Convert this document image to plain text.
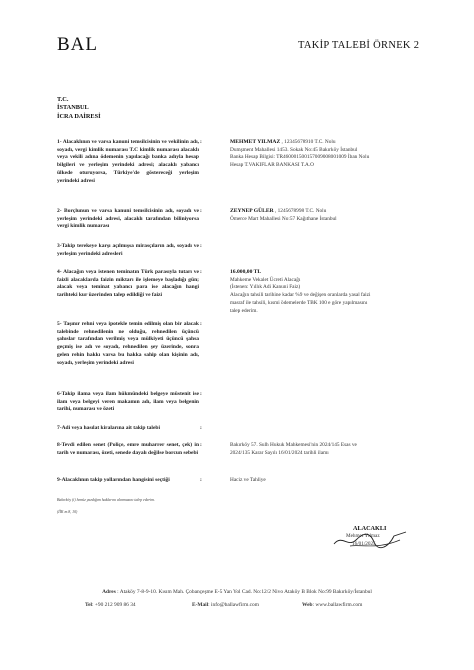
BAL	TAKİP TALEBİ ÖRNEK 2
T.C.
İSTANBUL
İCRA DAİRESİ
1- Alacaklının ve varsa kanuni temsilcisinin ve vekilinin adı, soyadı, vergi kimlik numarası T.C kimlik numarası alacaklı veya vekili adına ödemenin yapılacağı banka adıyla hesap bilgileri ve yerleşim yerindeki adresi; alacaklı yabancı ülkede oturuyorsa, Türkiye'de göstereceği yerleşim yerindeki adresi
:	MEHMET YILMAZ , 12345678910 T.C. Nolu
Dumşment Mahallesi 1453. Sokak No:45 Bakırköy İstanbul
Banka Hesap Bilgisi: TR460001500157009008001009 İban Nolu
Hesap T.VAKIFLAR BANKASI T.A.O
2- Borçlunun ve varsa kanuni temsilcisinin adı, soyadı ve yerleşim yerindeki adresi, alacaklı tarafından biliniyorsa vergi kimlik numarası
:	ZEYNEP GÜLER , 1245678998 T.C. Nolu
Ömerce Mart Mahallesi No:57 Kağıthane İstanbul
3-Takip terekeye karşı açılmışsa mirasçıların adı, soyadı ve yerleşim yerindeki adresleri
:
4- Alacağın veya istenen teminatın Türk parasıyla tutarı ve faizli alacaklarda faizin miktarı ile işlemeye başladığı gün; alacak veya teminat yabancı para ise alacağın hangi tarihteki kur üzerinden talep edildiği ve faizi
:	16.000,00 TL
Mahkeme Vekalet Ücreti Alacağı
(İstenen: Yıllık Adi Kanuni Faiz)
Alacağın tahsili tarihine kadar %9 ve değişen oranlarda yasal faizi
masraf ile tahsili, kısmi ödemelerde TBK 100 e göre yapılmasını
talep ederim.
5- Taşınır rehni veya ipotekle temin edilmiş olan bir alacak talebinde rehnedilenin ne olduğu, rehnedilen üçüncü şahıslar tarafından verilmiş veya mülkiyeti üçüncü şahsa geçmiş ise adı ve soyadı, rehnedilen şey üzerinde, sonra gelen rehin hakkı varsa bu hakka sahip olan kişinin adı, soyadı, yerleşim yerindeki adresi
:
6-Takip ilama veya ilam hükmündeki belgeye müstenit ise ilam veya belgeyi veren makamın adı, ilam veya belgenin tarihi, numarası ve özeti
:
7-Adi veya hasılat kiralarına ait takip talebi	:
8-Tevdi edilen senet (Poliçe, emre muharrer senet, çek) in tarih ve numarası, özeti, senede dayalı değilse borcun sebebi
:	Bakırköy 57. Sulh Hukuk Mahkemesi'nin 2024/145 Esas ve
2024/135 Karar Sayılı 16/01/2024 tarihli ilamı
9-Alacaklının takip yollarından hangisini seçtiği	:	Haciz ve Tahliye
Bakırköy (i) henüz yazdığım haklarını alınmasını talep ederim.
(İİK m.8, 10)
ALACAKLI
Mehmet Yılmaz
16/01/2025
Adres : Ataköy 7-8-9-10. Kısım Mah. Çobançeşme E-5 Yan Yol Cad. No:12/2 Nivo Ataköy B Blok No:99 Bakırköy/İstanbul
Tel : +90 212 909 86 34	E-Mail : info@ballawfirm.com	Web : www.ballawfirm.com
